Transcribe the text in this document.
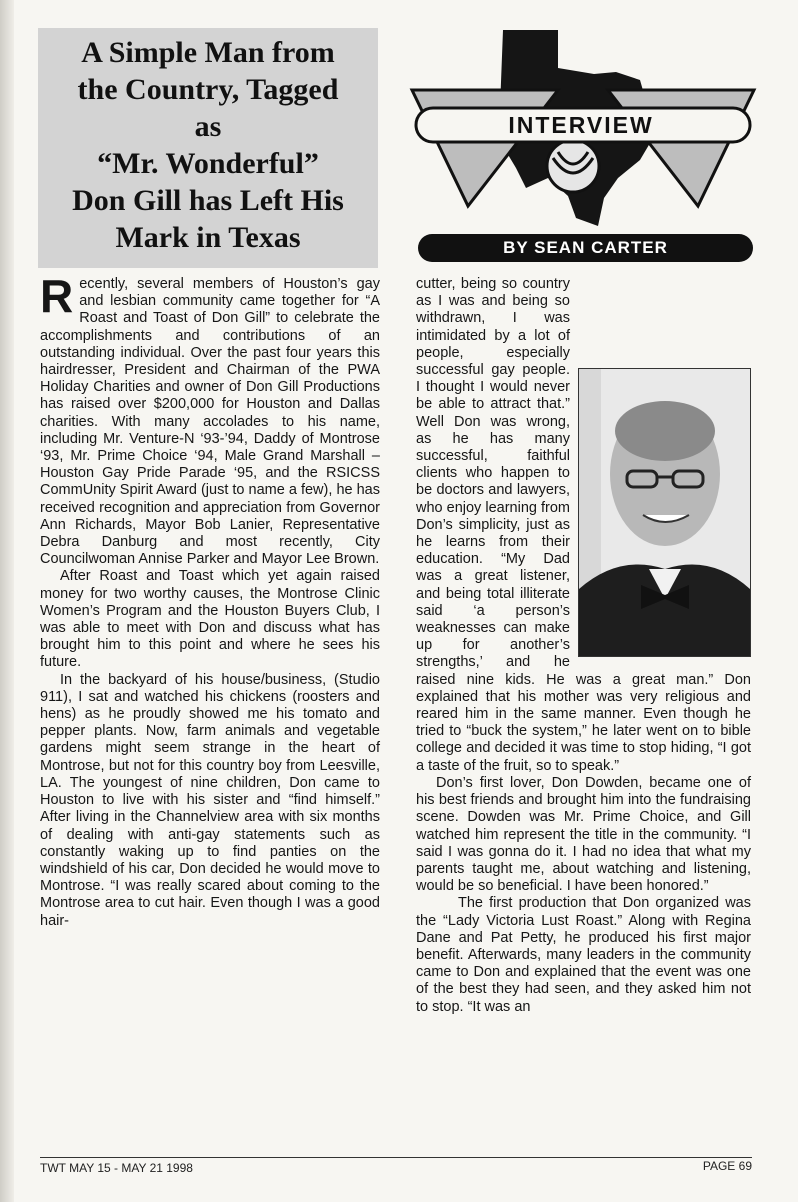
A Simple Man from
the Country, Tagged
as
“Mr. Wonderful”
Don Gill has Left His
Mark in Texas
INTERVIEW
BY SEAN CARTER

Recently, several members of Houston’s gay and lesbian community came together for “A Roast and Toast of Don Gill” to celebrate the accomplishments and contributions of an outstanding individual. Over the past four years this hairdresser, President and Chairman of the PWA Holiday Charities and owner of Don Gill Productions has raised over $200,000 for Houston and Dallas charities. With many accolades to his name, including Mr. Venture-N ‘93-’94, Daddy of Montrose ‘93, Mr. Prime Choice ‘94, Male Grand Marshall – Houston Gay Pride Parade ‘95, and the RSICSS CommUnity Spirit Award (just to name a few), he has received recognition and appreciation from Governor Ann Richards, Mayor Bob Lanier, Representative Debra Danburg and most recently, City Councilwoman Annise Parker and Mayor Lee Brown.

After Roast and Toast which yet again raised money for two worthy causes, the Montrose Clinic Women’s Program and the Houston Buyers Club, I was able to meet with Don and discuss what has brought him to this point and where he sees his future.

In the backyard of his house/business, (Studio 911), I sat and watched his chickens (roosters and hens) as he proudly showed me his tomato and pepper plants. Now, farm animals and vegetable gardens might seem strange in the heart of Montrose, but not for this country boy from Leesville, LA. The youngest of nine children, Don came to Houston to live with his sister and “find himself.” After living in the Channelview area with six months of dealing with anti-gay statements such as constantly waking up to find panties on the windshield of his car, Don decided he would move to Montrose. “I was really scared about coming to the Montrose area to cut hair. Even though I was a good hair-

cutter, being so country as I was and being so withdrawn, I was intimidated by a lot of people, especially successful gay people. I thought I would never be able to attract that.” Well Don was wrong, as he has many successful, faithful clients who happen to be doctors and lawyers, who enjoy learning from Don’s simplicity, just as he learns from their education. “My Dad was a great listener, and being total illiterate said ‘a person’s weaknesses can make up for another’s strengths,’ and he raised nine kids. He was a great man.” Don explained that his mother was very religious and reared him in the same manner. Even though he tried to “buck the system,” he later went on to bible college and decided it was time to stop hiding, “I got a taste of the fruit, so to speak.”

Don’s first lover, Don Dowden, became one of his best friends and brought him into the fundraising scene. Dowden was Mr. Prime Choice, and Gill watched him represent the title in the community. “I said I was gonna do it. I had no idea that what my parents taught me, about watching and listening, would be so beneficial. I have been honored.”

The first production that Don organized was the “Lady Victoria Lust Roast.” Along with Regina Dane and Pat Petty, he produced his first major benefit. Afterwards, many leaders in the community came to Don and explained that the event was one of the best they had seen, and they asked him not to stop. “It was an

TWT MAY 15 - MAY 21 1998	PAGE 69
